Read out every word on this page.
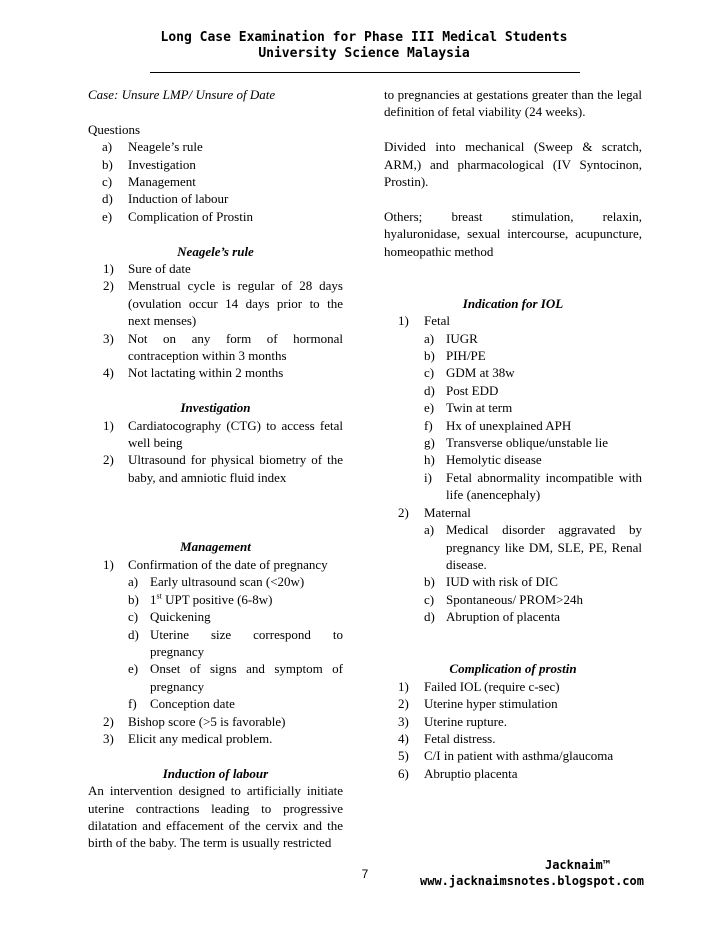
Long Case Examination for Phase III Medical Students
University Science Malaysia
Case: Unsure LMP/ Unsure of Date
Questions
a) Neagele’s rule
b) Investigation
c) Management
d) Induction of labour
e) Complication of Prostin
Neagele’s rule
1) Sure of date
2) Menstrual cycle is regular of 28 days (ovulation occur 14 days prior to the next menses)
3) Not on any form of hormonal contraception within 3 months
4) Not lactating within 2 months
Investigation
1) Cardiatocography (CTG) to access fetal well being
2) Ultrasound for physical biometry of the baby, and amniotic fluid index
Management
1) Confirmation of the date of pregnancy
a) Early ultrasound scan (<20w)
b) 1st UPT positive (6-8w)
c) Quickening
d) Uterine size correspond to pregnancy
e) Onset of signs and symptom of pregnancy
f) Conception date
2) Bishop score (>5 is favorable)
3) Elicit any medical problem.
Induction of labour
An intervention designed to artificially initiate uterine contractions leading to progressive dilatation and effacement of the cervix and the birth of the baby. The term is usually restricted
to pregnancies at gestations greater than the legal definition of fetal viability (24 weeks).
Divided into mechanical (Sweep & scratch, ARM,) and pharmacological (IV Syntocinon, Prostin).
Others; breast stimulation, relaxin, hyaluronidase, sexual intercourse, acupuncture, homeopathic method
Indication for IOL
1) Fetal
a) IUGR
b) PIH/PE
c) GDM at 38w
d) Post EDD
e) Twin at term
f) Hx of unexplained APH
g) Transverse oblique/unstable lie
h) Hemolytic disease
i) Fetal abnormality incompatible with life (anencephaly)
2) Maternal
a) Medical disorder aggravated by pregnancy like DM, SLE, PE, Renal disease.
b) IUD with risk of DIC
c) Spontaneous/ PROM>24h
d) Abruption of placenta
Complication of prostin
1) Failed IOL (require c-sec)
2) Uterine hyper stimulation
3) Uterine rupture.
4) Fetal distress.
5) C/I in patient with asthma/glaucoma
6) Abruptio placenta
7
Jacknaim™
www.jacknaimsnotes.blogspot.com
